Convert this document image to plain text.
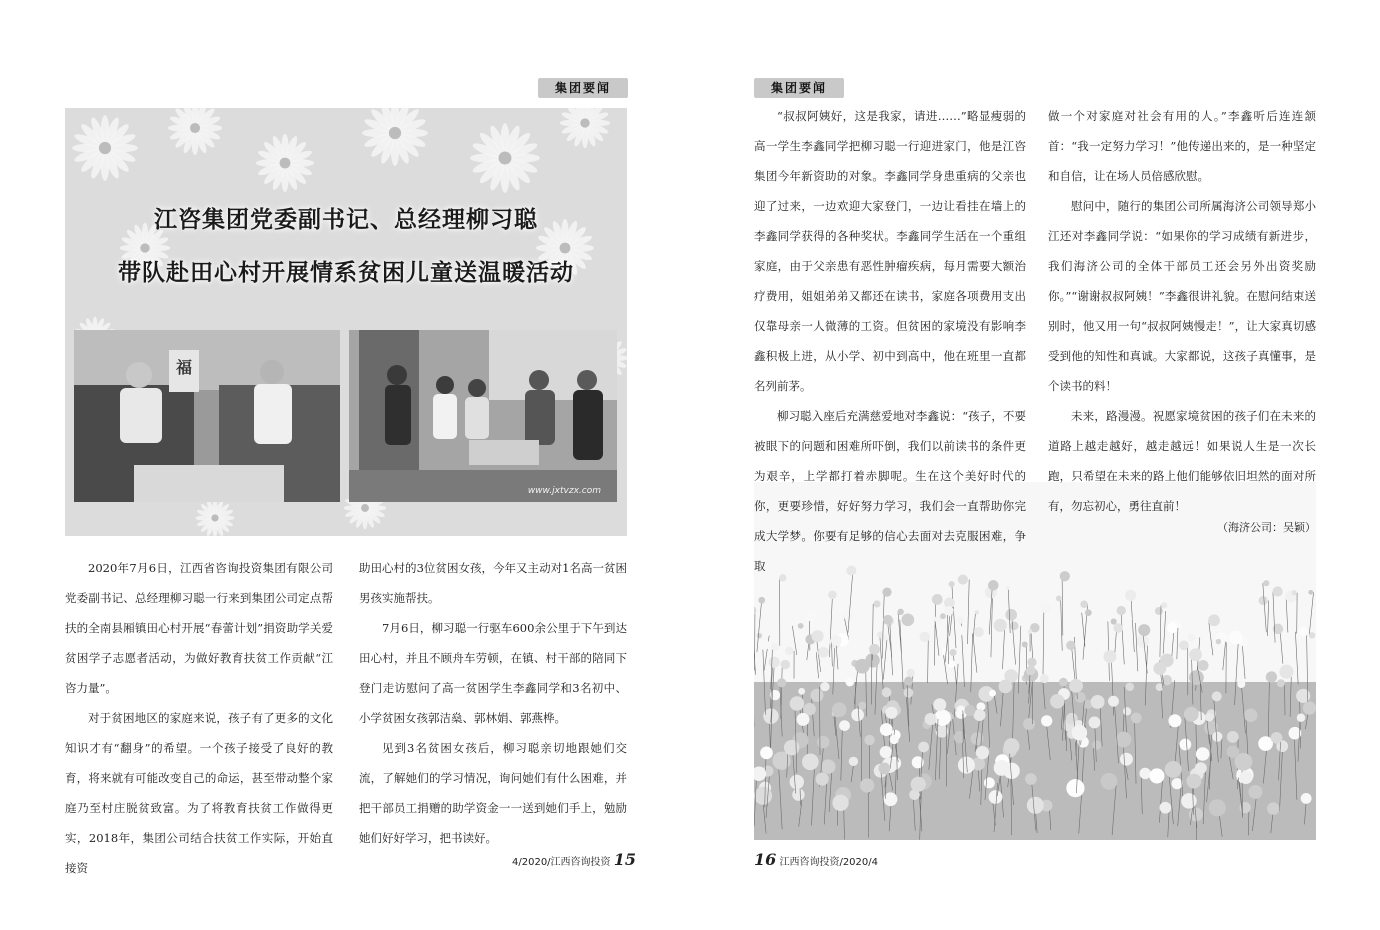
集团要闻
江咨集团党委副书记、总经理柳习聪
带队赴田心村开展情系贫困儿童送温暖活动
福
www.jxtvzx.com

2020年7月6日，江西省咨询投资集团有限公司党委副书记、总经理柳习聪一行来到集团公司定点帮扶的全南县厢镇田心村开展“春蕾计划”捐资助学关爱贫困学子志愿者活动，为做好教育扶贫工作贡献“江咨力量”。

对于贫困地区的家庭来说，孩子有了更多的文化知识才有“翻身”的希望。一个孩子接受了良好的教育，将来就有可能改变自己的命运，甚至带动整个家庭乃至村庄脱贫致富。为了将教育扶贫工作做得更实，2018年，集团公司结合扶贫工作实际，开始直接资

助田心村的3位贫困女孩，今年又主动对1名高一贫困男孩实施帮扶。

7月6日，柳习聪一行驱车600余公里于下午到达田心村，并且不顾舟车劳顿，在镇、村干部的陪同下登门走访慰问了高一贫困学生李鑫同学和3名初中、小学贫困女孩郭洁燊、郭林娟、郭燕桦。

见到3名贫困女孩后，柳习聪亲切地跟她们交流，了解她们的学习情况，询问她们有什么困难，并把干部员工捐赠的助学资金一一送到她们手上，勉励她们好好学习，把书读好。

4/2020/江西咨询投资 15
集团要闻

“叔叔阿姨好，这是我家，请进……”略显瘦弱的高一学生李鑫同学把柳习聪一行迎进家门，他是江咨集团今年新资助的对象。李鑫同学身患重病的父亲也迎了过来，一边欢迎大家登门，一边让看挂在墙上的李鑫同学获得的各种奖状。李鑫同学生活在一个重组家庭，由于父亲患有恶性肿瘤疾病，每月需要大额治疗费用，姐姐弟弟又都还在读书，家庭各项费用支出仅靠母亲一人微薄的工资。但贫困的家境没有影响李鑫积极上进，从小学、初中到高中，他在班里一直都名列前茅。

柳习聪入座后充满慈爱地对李鑫说：“孩子，不要被眼下的问题和困难所吓倒，我们以前读书的条件更为艰辛，上学都打着赤脚呢。生在这个美好时代的你，更要珍惜，好好努力学习，我们会一直帮助你完成大学梦。你要有足够的信心去面对去克服困难，争取

做一个对家庭对社会有用的人。”李鑫听后连连颔首：“我一定努力学习！”他传递出来的，是一种坚定和自信，让在场人员倍感欣慰。

慰问中，随行的集团公司所属海济公司领导郑小江还对李鑫同学说：“如果你的学习成绩有新进步，我们海济公司的全体干部员工还会另外出资奖励你。”“谢谢叔叔阿姨！”李鑫很讲礼貌。在慰问结束送别时，他又用一句“叔叔阿姨慢走！”，让大家真切感受到他的知性和真诚。大家都说，这孩子真懂事，是个读书的料！

未来，路漫漫。祝愿家境贫困的孩子们在未来的道路上越走越好，越走越远！如果说人生是一次长跑，只希望在未来的路上他们能够依旧坦然的面对所有，勿忘初心，勇往直前！

（海济公司：吴颖）
16 江西咨询投资/2020/4
